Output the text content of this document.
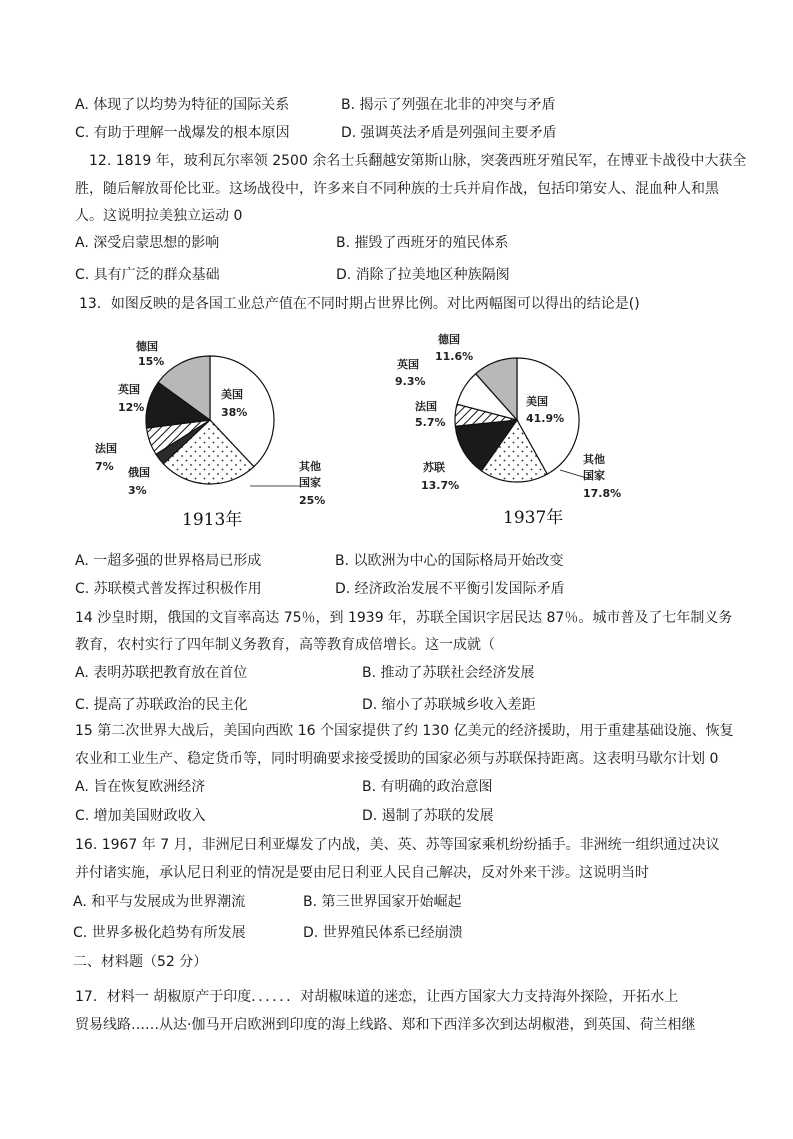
A. 体现了以均势为特征的国际关系	B. 揭示了列强在北非的冲突与矛盾
C. 有助于理解一战爆发的根本原因	D. 强调英法矛盾是列强间主要矛盾
12. 1819 年，玻利瓦尔率领 2500 余名士兵翻越安第斯山脉，突袭西班牙殖民军，在博亚卡战役中大获全
胜，随后解放哥伦比亚。这场战役中，许多来自不同种族的士兵并肩作战，包括印第安人、混血种人和黑
人。这说明拉美独立运动 0
A. 深受启蒙思想的影响	B. 摧毁了西班牙的殖民体系
C. 具有广泛的群众基础	D. 消除了拉美地区种族隔阂
13．如图反映的是各国工业总产值在不同时期占世界比例。对比两幅图可以得出的结论是()
德国
15%
英国
12%
法国
7% 俄国
3%
美国
38%
其他
国家
25%
1913年
德国
11.6%
英国
9.3%
法国
5.7%
苏联
13.7%
美国
41.9%
其他
国家
17.8%
1937年
A. 一超多强的世界格局已形成	B. 以欧洲为中心的国际格局开始改变
C. 苏联模式普发挥过积极作用	D. 经济政治发展不平衡引发国际矛盾
14 沙皇时期，俄国的文盲率高达 75％，到 1939 年，苏联全国识字居民达 87％。城市普及了七年制义务
教育，农村实行了四年制义务教育，高等教育成倍增长。这一成就（
A. 表明苏联把教育放在首位	B. 推动了苏联社会经济发展
C. 提高了苏联政治的民主化	D. 缩小了苏联城乡收入差距
15 第二次世界大战后，美国向西欧 16 个国家提供了约 130 亿美元的经济援助，用于重建基础设施、恢复
农业和工业生产、稳定货币等，同时明确要求接受援助的国家必须与苏联保持距离。这表明马歇尔计划 0
A. 旨在恢复欧洲经济	B. 有明确的政治意图
C. 增加美国财政收入	D. 遏制了苏联的发展
16. 1967 年 7 月，非洲尼日利亚爆发了内战，美、英、苏等国家乘机纷纷插手。非洲统一组织通过决议
并付诸实施，承认尼日利亚的情况是要由尼日利亚人民自己解决，反对外来干涉。这说明当时
A. 和平与发展成为世界潮流	B. 第三世界国家开始崛起
C. 世界多极化趋势有所发展	D. 世界殖民体系已经崩溃
二、材料题（52 分）
17．材料一 胡椒原产于印度．．．．．．对胡椒味道的迷恋，让西方国家大力支持海外探险，开拓水上
贸易线路……从达·伽马开启欧洲到印度的海上线路、郑和下西洋多次到达胡椒港，到英国、荷兰相继
